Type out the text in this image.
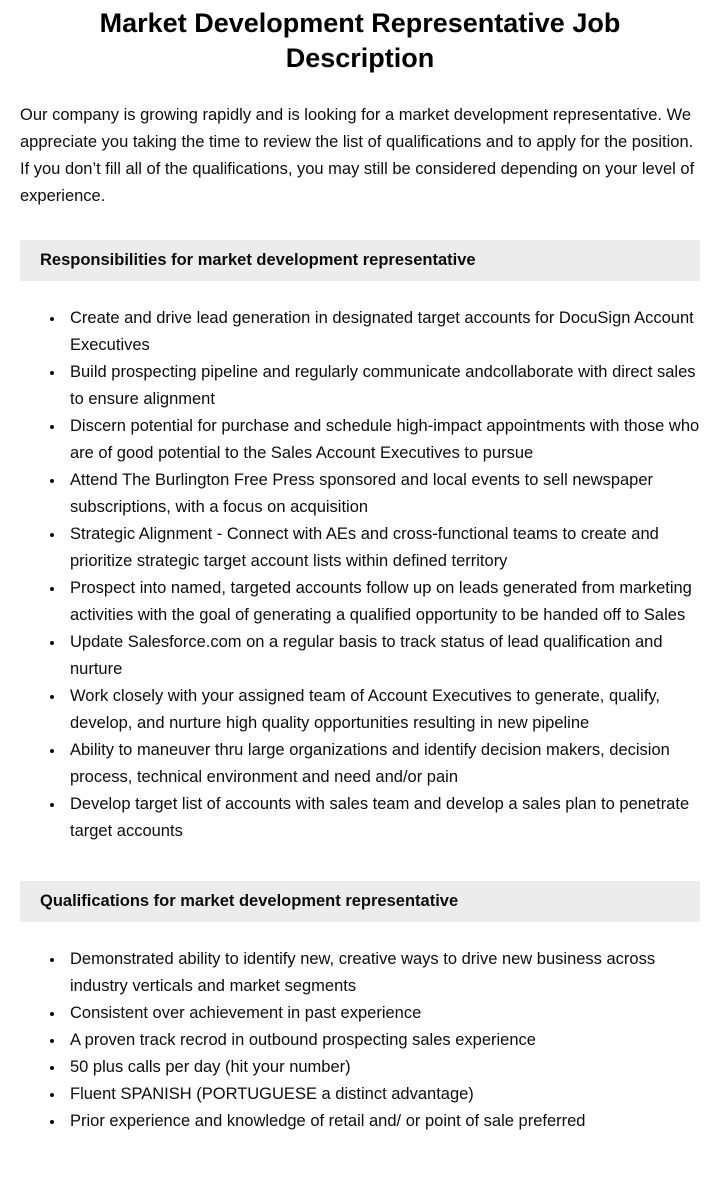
Market Development Representative Job Description

Our company is growing rapidly and is looking for a market development representative. We appreciate you taking the time to review the list of qualifications and to apply for the position. If you don’t fill all of the qualifications, you may still be considered depending on your level of experience.

Responsibilities for market development representative
• Create and drive lead generation in designated target accounts for DocuSign Account Executives
• Build prospecting pipeline and regularly communicate andcollaborate with direct sales to ensure alignment
• Discern potential for purchase and schedule high-impact appointments with those who are of good potential to the Sales Account Executives to pursue
• Attend The Burlington Free Press sponsored and local events to sell newspaper subscriptions, with a focus on acquisition
• Strategic Alignment - Connect with AEs and cross-functional teams to create and prioritize strategic target account lists within defined territory
• Prospect into named, targeted accounts follow up on leads generated from marketing activities with the goal of generating a qualified opportunity to be handed off to Sales
• Update Salesforce.com on a regular basis to track status of lead qualification and nurture
• Work closely with your assigned team of Account Executives to generate, qualify, develop, and nurture high quality opportunities resulting in new pipeline
• Ability to maneuver thru large organizations and identify decision makers, decision process, technical environment and need and/or pain
• Develop target list of accounts with sales team and develop a sales plan to penetrate target accounts
Qualifications for market development representative
• Demonstrated ability to identify new, creative ways to drive new business across industry verticals and market segments
• Consistent over achievement in past experience
• A proven track recrod in outbound prospecting sales experience
• 50 plus calls per day (hit your number)
• Fluent SPANISH (PORTUGUESE a distinct advantage)
• Prior experience and knowledge of retail and/ or point of sale preferred
